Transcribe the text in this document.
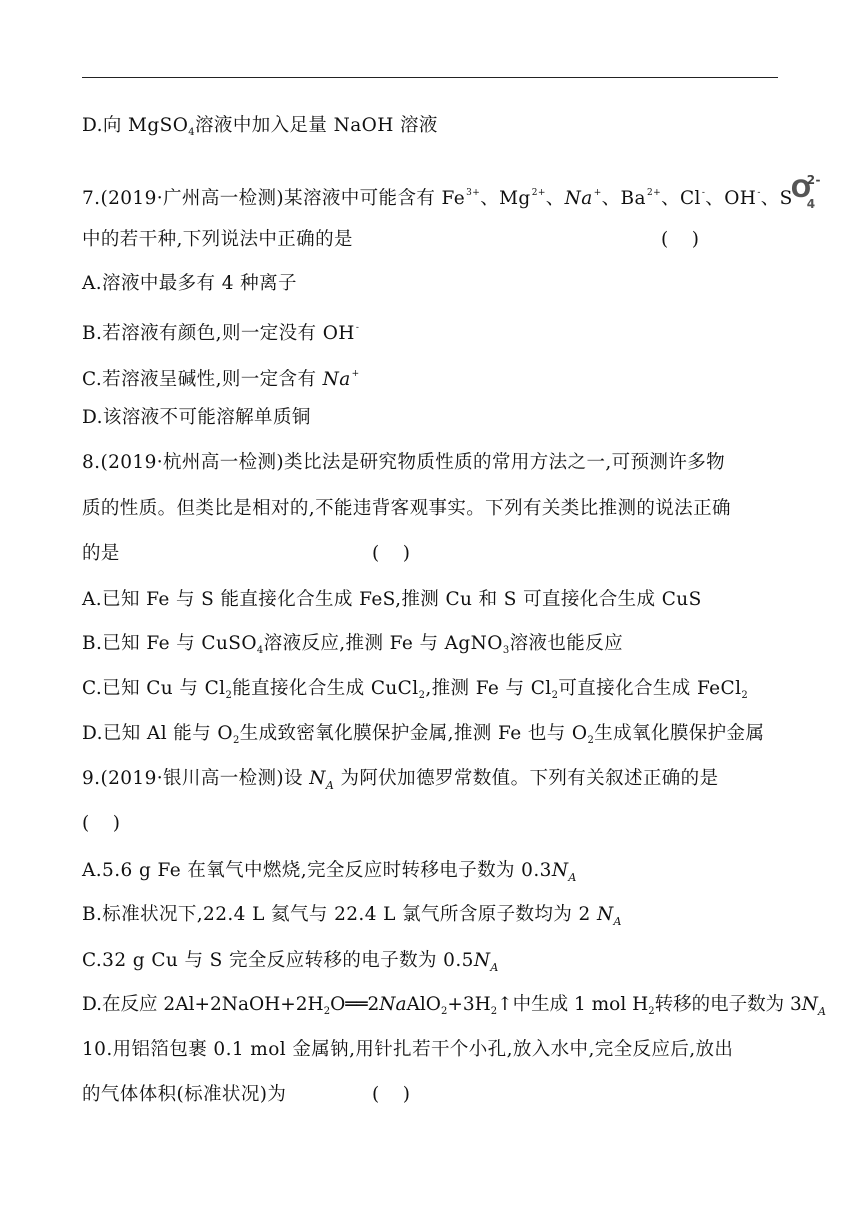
D.向 MgSO$_4$溶液中加入足量 NaOH 溶液
7.(2019·广州高一检测)某溶液中可能含有 $Fe^{3+}$、$Mg^{2+}$、Na+、$Ba^{2+}$、Cl-、OH-、S
O
2-
4
中的若干种,下列说法中正确的是	(    )
A.溶液中最多有 4 种离子
B.若溶液有颜色,则一定没有 OH-
C.若溶液呈碱性,则一定含有 Na+
D.该溶液不可能溶解单质铜
8.(2019·杭州高一检测)类比法是研究物质性质的常用方法之一,可预测许多物
质的性质。但类比是相对的,不能违背客观事实。下列有关类比推测的说法正确
的是	(    )
A.已知 Fe 与 S 能直接化合生成 FeS,推测 Cu 和 S 可直接化合生成 CuS
B.已知 Fe 与 CuSO$_4$溶液反应,推测 Fe 与 AgNO$_3$溶液也能反应
C.已知 Cu 与 $Cl_2$能直接化合生成 CuCl$_2$,推测 Fe 与 $Cl_2$可直接化合生成 FeCl$_2$
D.已知 Al 能与 $O_2$生成致密氧化膜保护金属,推测 Fe 也与 $O_2$生成氧化膜保护金属
9.(2019·银川高一检测)设 $N_A$ 为阿伏加德罗常数值。下列有关叙述正确的是
(    )
A.5.6 g Fe 在氧气中燃烧,完全反应时转移电子数为 $0.3N_A$
B.标准状况下,22.4 L 氦气与 22.4 L 氯气所含原子数均为 2 $N_A$
C.32 g Cu 与 S 完全反应转移的电子数为 $0.5N_A$
D.在反应 $2Al+2NaOH+2H_2O══2NaAlO_2+3H_2↑$中生成 1 mol $H_2$转移的电子数为 $3N_A$
10.用铝箔包裹 0.1 mol 金属钠,用针扎若干个小孔,放入水中,完全反应后,放出
的气体体积(标准状况)为	(    )
